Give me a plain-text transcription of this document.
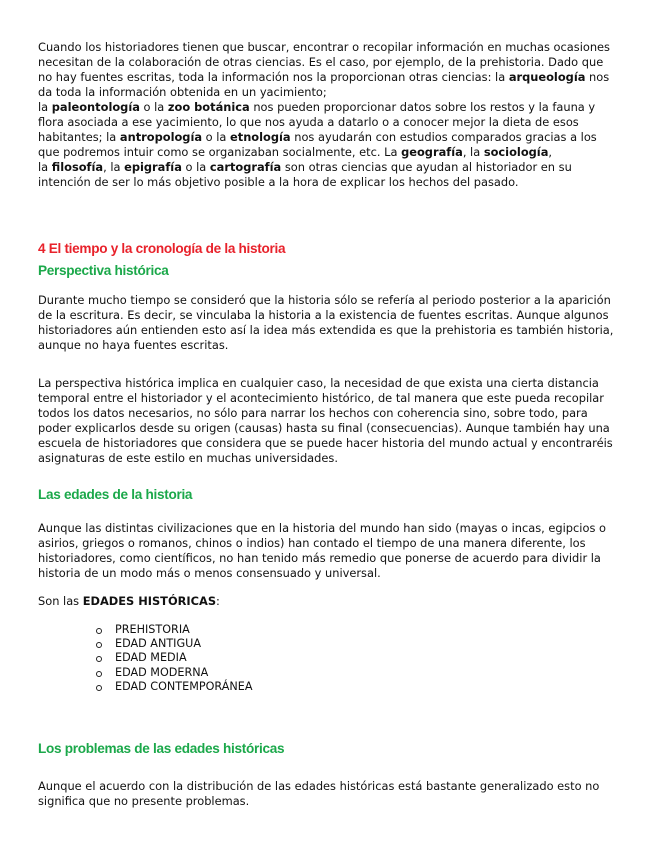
Cuando los historiadores tienen que buscar, encontrar o recopilar información en muchas ocasiones necesitan de la colaboración de otras ciencias. Es el caso, por ejemplo, de la prehistoria. Dado que no hay fuentes escritas, toda la información nos la proporcionan otras ciencias: la arqueología nos da toda la información obtenida en un yacimiento;
la paleontología o la zoo botánica nos pueden proporcionar datos sobre los restos y la fauna y flora asociada a ese yacimiento, lo que nos ayuda a datarlo o a conocer mejor la dieta de esos habitantes; la antropología o la etnología nos ayudarán con estudios comparados gracias a los que podremos intuir como se organizaban socialmente, etc. La geografía, la sociología,
la filosofía, la epigrafía o la cartografía son otras ciencias que ayudan al historiador en su intención de ser lo más objetivo posible a la hora de explicar los hechos del pasado.

4 El tiempo y la cronología de la historia
Perspectiva histórica

Durante mucho tiempo se consideró que la historia sólo se refería al periodo posterior a la aparición de la escritura. Es decir, se vinculaba la historia a la existencia de fuentes escritas. Aunque algunos historiadores aún entienden esto así la idea más extendida es que la prehistoria es también historia, aunque no haya fuentes escritas.

La perspectiva histórica implica en cualquier caso, la necesidad de que exista una cierta distancia temporal entre el historiador y el acontecimiento histórico, de tal manera que este pueda recopilar todos los datos necesarios, no sólo para narrar los hechos con coherencia sino, sobre todo, para poder explicarlos desde su origen (causas) hasta su final (consecuencias). Aunque también hay una escuela de historiadores que considera que se puede hacer historia del mundo actual y encontraréis asignaturas de este estilo en muchas universidades.

Las edades de la historia

Aunque las distintas civilizaciones que en la historia del mundo han sido (mayas o incas, egipcios o asirios, griegos o romanos, chinos o indios) han contado el tiempo de una manera diferente, los historiadores, como científicos, no han tenido más remedio que ponerse de acuerdo para dividir la historia de un modo más o menos consensuado y universal.

Son las EDADES HISTÓRICAS:

PREHISTORIA
EDAD ANTIGUA
EDAD MEDIA
EDAD MODERNA
EDAD CONTEMPORÁNEA
Los problemas de las edades históricas

Aunque el acuerdo con la distribución de las edades históricas está bastante generalizado esto no significa que no presente problemas.
